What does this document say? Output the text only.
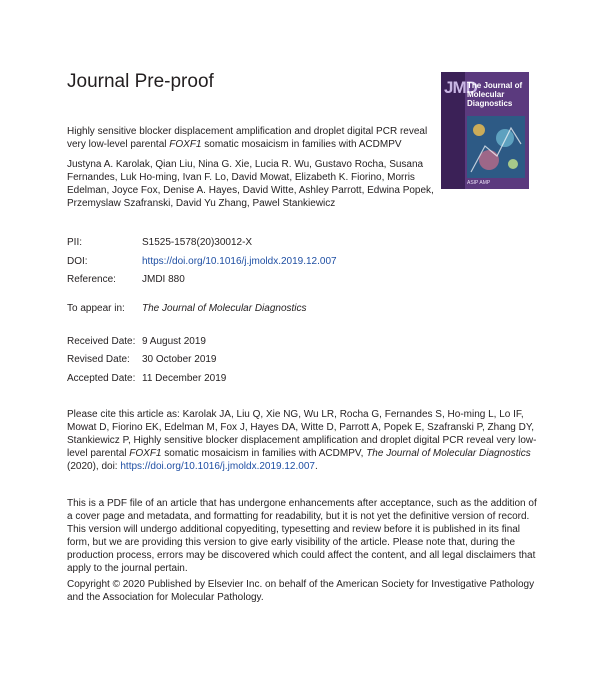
Journal Pre-proof	JMD
The Journal of
Molecular
Diagnostics
ASIP AMP
Highly sensitive blocker displacement amplification and droplet digital PCR reveal
very low-level parental FOXF1 somatic mosaicism in families with ACDMPV
Justyna A. Karolak, Qian Liu, Nina G. Xie, Lucia R. Wu, Gustavo Rocha, Susana Fernandes, Luk Ho-ming, Ivan F. Lo, David Mowat, Elizabeth K. Fiorino, Morris Edelman, Joyce Fox, Denise A. Hayes, David Witte, Ashley Parrott, Edwina Popek, Przemyslaw Szafranski, David Yu Zhang, Pawel Stankiewicz
PII:	S1525-1578(20)30012-X
DOI:	https://doi.org/10.1016/j.jmoldx.2019.12.007
Reference:	JMDI 880
To appear in: The Journal of Molecular Diagnostics
Received Date: 9 August 2019
Revised Date: 30 October 2019
Accepted Date: 11 December 2019
Please cite this article as: Karolak JA, Liu Q, Xie NG, Wu LR, Rocha G, Fernandes S, Ho-ming L, Lo IF, Mowat D, Fiorino EK, Edelman M, Fox J, Hayes DA, Witte D, Parrott A, Popek E, Szafranski P, Zhang DY, Stankiewicz P, Highly sensitive blocker displacement amplification and droplet digital PCR reveal very low-level parental FOXF1 somatic mosaicism in families with ACDMPV, The Journal of Molecular Diagnostics (2020), doi: https://doi.org/10.1016/j.jmoldx.2019.12.007.
This is a PDF file of an article that has undergone enhancements after acceptance, such as the addition of a cover page and metadata, and formatting for readability, but it is not yet the definitive version of record. This version will undergo additional copyediting, typesetting and review before it is published in its final form, but we are providing this version to give early visibility of the article. Please note that, during the production process, errors may be discovered which could affect the content, and all legal disclaimers that apply to the journal pertain.
Copyright © 2020 Published by Elsevier Inc. on behalf of the American Society for Investigative Pathology and the Association for Molecular Pathology.
